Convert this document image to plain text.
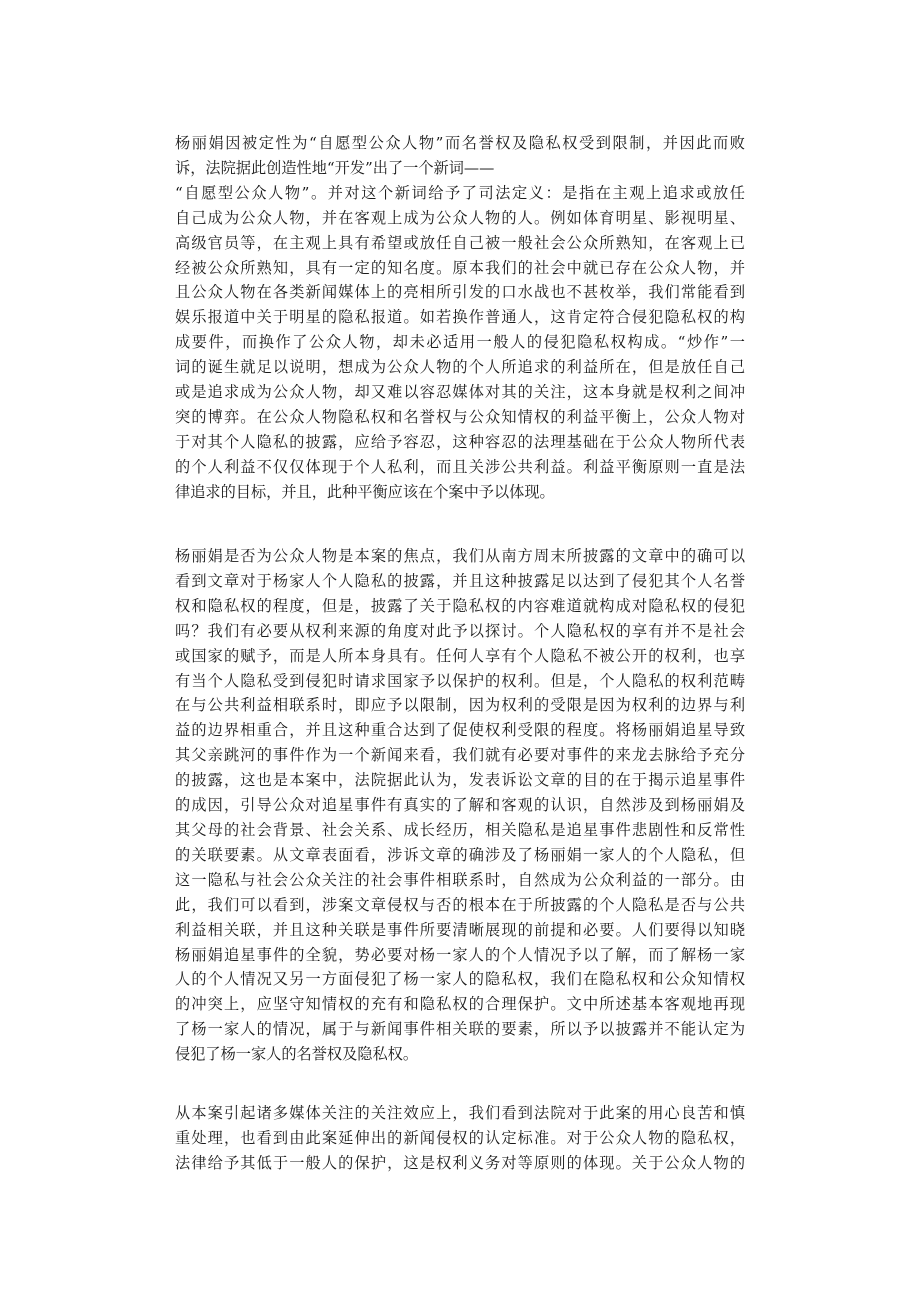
杨丽娟因被定性为“自愿型公众人物”而名誉权及隐私权受到限制，并因此而败
诉，法院据此创造性地“开发”出了一个新词——
“自愿型公众人物”。并对这个新词给予了司法定义：是指在主观上追求或放任
自己成为公众人物，并在客观上成为公众人物的人。例如体育明星、影视明星、
高级官员等，在主观上具有希望或放任自己被一般社会公众所熟知，在客观上已
经被公众所熟知，具有一定的知名度。原本我们的社会中就已存在公众人物，并
且公众人物在各类新闻媒体上的亮相所引发的口水战也不甚枚举，我们常能看到
娱乐报道中关于明星的隐私报道。如若换作普通人，这肯定符合侵犯隐私权的构
成要件，而换作了公众人物，却未必适用一般人的侵犯隐私权构成。“炒作”一
词的诞生就足以说明，想成为公众人物的个人所追求的利益所在，但是放任自己
或是追求成为公众人物，却又难以容忍媒体对其的关注，这本身就是权利之间冲
突的博弈。在公众人物隐私权和名誉权与公众知情权的利益平衡上，公众人物对
于对其个人隐私的披露，应给予容忍，这种容忍的法理基础在于公众人物所代表
的个人利益不仅仅体现于个人私利，而且关涉公共利益。利益平衡原则一直是法
律追求的目标，并且，此种平衡应该在个案中予以体现。
杨丽娟是否为公众人物是本案的焦点，我们从南方周末所披露的文章中的确可以
看到文章对于杨家人个人隐私的披露，并且这种披露足以达到了侵犯其个人名誉
权和隐私权的程度，但是，披露了关于隐私权的内容难道就构成对隐私权的侵犯
吗？我们有必要从权利来源的角度对此予以探讨。个人隐私权的享有并不是社会
或国家的赋予，而是人所本身具有。任何人享有个人隐私不被公开的权利，也享
有当个人隐私受到侵犯时请求国家予以保护的权利。但是，个人隐私的权利范畴
在与公共利益相联系时，即应予以限制，因为权利的受限是因为权利的边界与利
益的边界相重合，并且这种重合达到了促使权利受限的程度。将杨丽娟追星导致
其父亲跳河的事件作为一个新闻来看，我们就有必要对事件的来龙去脉给予充分
的披露，这也是本案中，法院据此认为，发表诉讼文章的目的在于揭示追星事件
的成因，引导公众对追星事件有真实的了解和客观的认识，自然涉及到杨丽娟及
其父母的社会背景、社会关系、成长经历，相关隐私是追星事件悲剧性和反常性
的关联要素。从文章表面看，涉诉文章的确涉及了杨丽娟一家人的个人隐私，但
这一隐私与社会公众关注的社会事件相联系时，自然成为公众利益的一部分。由
此，我们可以看到，涉案文章侵权与否的根本在于所披露的个人隐私是否与公共
利益相关联，并且这种关联是事件所要清晰展现的前提和必要。人们要得以知晓
杨丽娟追星事件的全貌，势必要对杨一家人的个人情况予以了解，而了解杨一家
人的个人情况又另一方面侵犯了杨一家人的隐私权，我们在隐私权和公众知情权
的冲突上，应坚守知情权的充有和隐私权的合理保护。文中所述基本客观地再现
了杨一家人的情况，属于与新闻事件相关联的要素，所以予以披露并不能认定为
侵犯了杨一家人的名誉权及隐私权。
从本案引起诸多媒体关注的关注效应上，我们看到法院对于此案的用心良苦和慎
重处理，也看到由此案延伸出的新闻侵权的认定标准。对于公众人物的隐私权，
法律给予其低于一般人的保护，这是权利义务对等原则的体现。关于公众人物的
